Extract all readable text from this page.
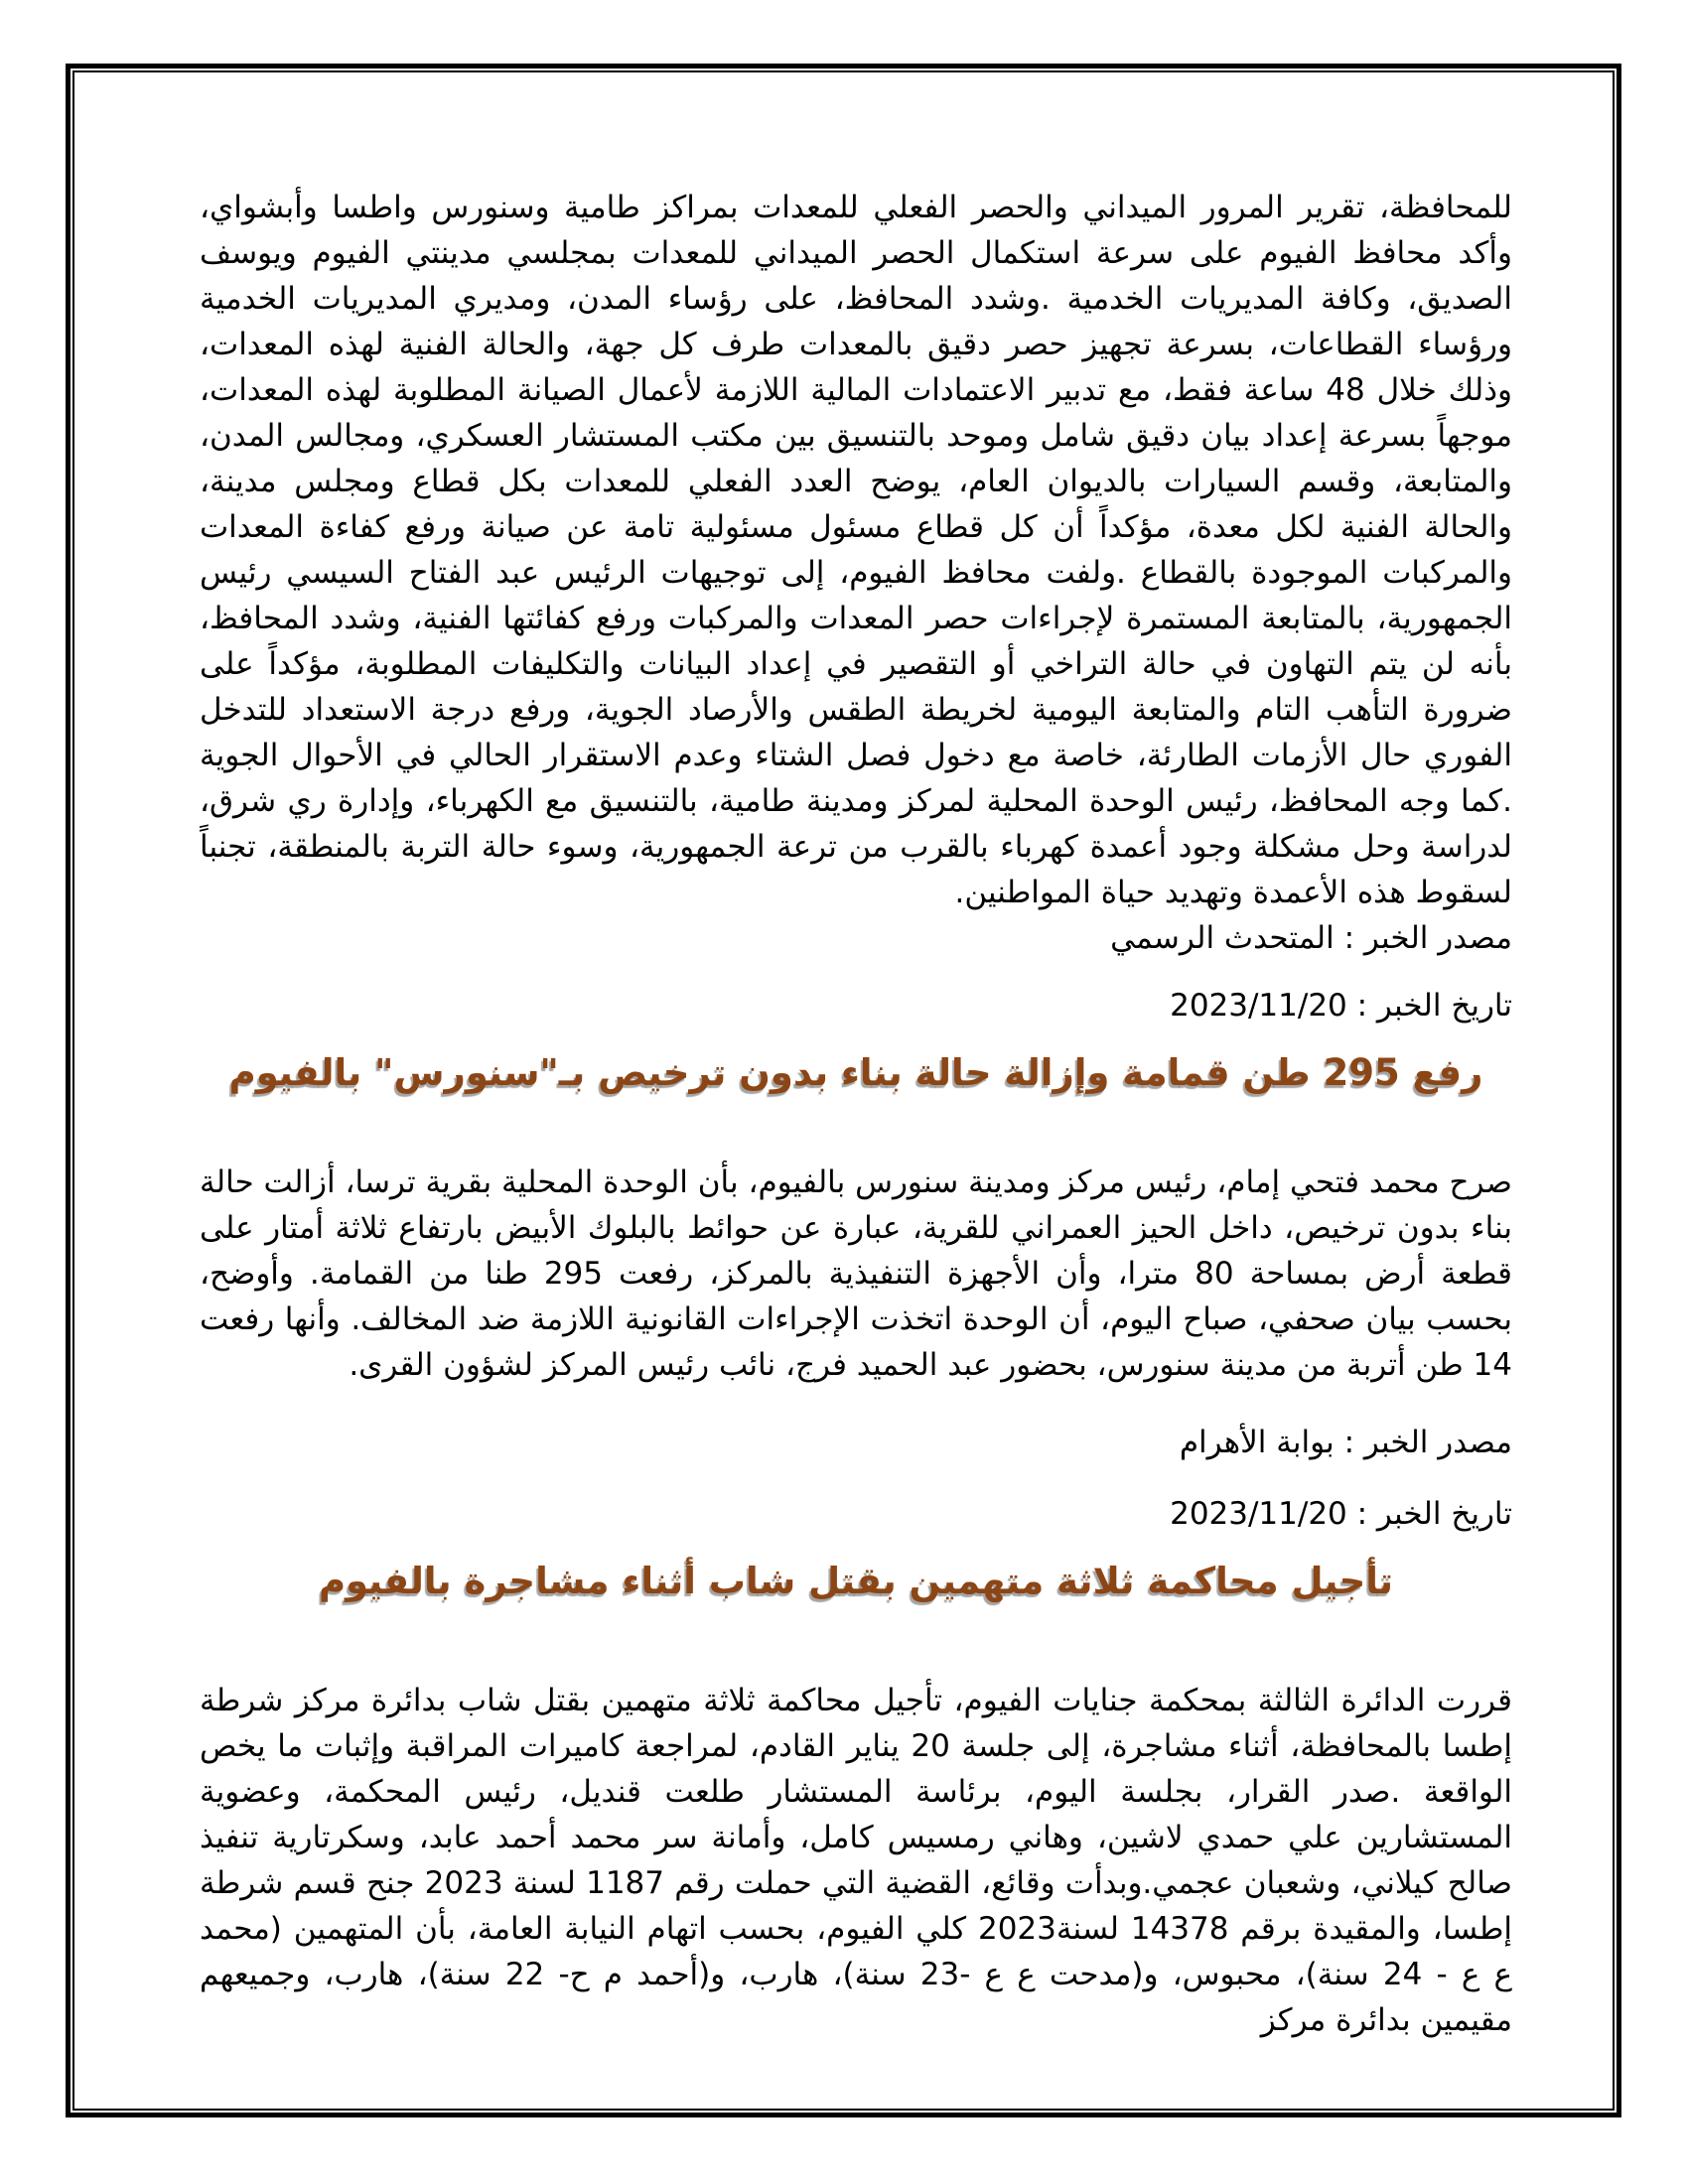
للمحافظة، تقرير المرور الميداني والحصر الفعلي للمعدات بمراكز طامية وسنورس واطسا وأبشواي، وأكد محافظ الفيوم على سرعة استكمال الحصر الميداني للمعدات بمجلسي مدينتي الفيوم ويوسف الصديق، وكافة المديريات الخدمية .وشدد المحافظ، على رؤساء المدن، ومديري المديريات الخدمية ورؤساء القطاعات، بسرعة تجهيز حصر دقيق بالمعدات طرف كل جهة، والحالة الفنية لهذه المعدات، وذلك خلال 48 ساعة فقط، مع تدبير الاعتمادات المالية اللازمة لأعمال الصيانة المطلوبة لهذه المعدات، موجهاً بسرعة إعداد بيان دقيق شامل وموحد بالتنسيق بين مكتب المستشار العسكري، ومجالس المدن، والمتابعة، وقسم السيارات بالديوان العام، يوضح العدد الفعلي للمعدات بكل قطاع ومجلس مدينة، والحالة الفنية لكل معدة، مؤكداً أن كل قطاع مسئول مسئولية تامة عن صيانة ورفع كفاءة المعدات والمركبات الموجودة بالقطاع .ولفت محافظ الفيوم، إلى توجيهات الرئيس عبد الفتاح السيسي رئيس الجمهورية، بالمتابعة المستمرة لإجراءات حصر المعدات والمركبات ورفع كفائتها الفنية، وشدد المحافظ، بأنه لن يتم التهاون في حالة التراخي أو التقصير في إعداد البيانات والتكليفات المطلوبة، مؤكداً على ضرورة التأهب التام والمتابعة اليومية لخريطة الطقس والأرصاد الجوية، ورفع درجة الاستعداد للتدخل الفوري حال الأزمات الطارئة، خاصة مع دخول فصل الشتاء وعدم الاستقرار الحالي في الأحوال الجوية .كما وجه المحافظ، رئيس الوحدة المحلية لمركز ومدينة طامية، بالتنسيق مع الكهرباء، وإدارة ري شرق، لدراسة وحل مشكلة وجود أعمدة كهرباء بالقرب من ترعة الجمهورية، وسوء حالة التربة بالمنطقة، تجنباً لسقوط هذه الأعمدة وتهديد حياة المواطنين.

مصدر الخبر : المتحدث الرسمي

تاريخ الخبر : 2023/11/20

رفع 295 طن قمامة وإزالة حالة بناء بدون ترخيص بـ"سنورس" بالفيوم

صرح محمد فتحي إمام، رئيس مركز ومدينة سنورس بالفيوم، بأن الوحدة المحلية بقرية ترسا، أزالت حالة بناء بدون ترخيص، داخل الحيز العمراني للقرية، عبارة عن حوائط بالبلوك الأبيض بارتفاع ثلاثة أمتار على قطعة أرض بمساحة 80 مترا، وأن الأجهزة التنفيذية بالمركز، رفعت 295 طنا من القمامة. وأوضح، بحسب بيان صحفي، صباح اليوم، أن الوحدة اتخذت الإجراءات القانونية اللازمة ضد المخالف. وأنها رفعت 14 طن أتربة من مدينة سنورس، بحضور عبد الحميد فرج، نائب رئيس المركز لشؤون القرى.

مصدر الخبر : بوابة الأهرام

تاريخ الخبر : 2023/11/20

تأجيل محاكمة ثلاثة متهمين بقتل شاب أثناء مشاجرة بالفيوم

قررت الدائرة الثالثة بمحكمة جنايات الفيوم، تأجيل محاكمة ثلاثة متهمين بقتل شاب بدائرة مركز شرطة إطسا بالمحافظة، أثناء مشاجرة، إلى جلسة 20 يناير القادم، لمراجعة كاميرات المراقبة وإثبات ما يخص الواقعة .صدر القرار، بجلسة اليوم، برئاسة المستشار طلعت قنديل، رئيس المحكمة، وعضوية المستشارين علي حمدي لاشين، وهاني رمسيس كامل، وأمانة سر محمد أحمد عابد، وسكرتارية تنفيذ صالح كيلاني، وشعبان عجمي.وبدأت وقائع، القضية التي حملت رقم 1187 لسنة 2023 جنح قسم شرطة إطسا، والمقيدة برقم 14378 لسنة2023 كلي الفيوم، بحسب اتهام النيابة العامة، بأن المتهمين (محمد ع ع - 24 سنة)، محبوس، و(مدحت ع ع -23 سنة)، هارب، و(أحمد م ح- 22 سنة)، هارب، وجميعهم مقيمين بدائرة مركز
